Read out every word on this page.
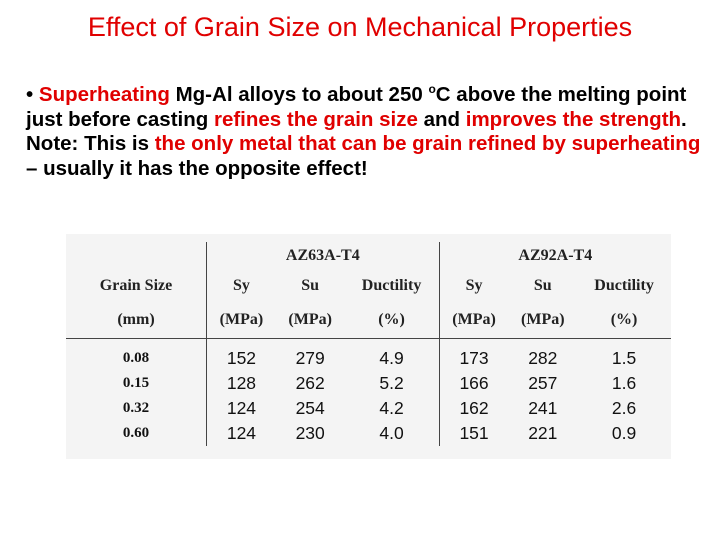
Effect of Grain Size on Mechanical Properties
• Superheating Mg-Al alloys to about 250 $^o$C above the melting point just before casting refines the grain size and improves the strength.
Note: This is the only metal that can be grain refined by superheating – usually it has the opposite effect!
	AZ63A-T4			AZ92A-T4		
Grain Size	Sy	Su	Ductility	Sy	Su	Ductility
(mm)	(MPa)	(MPa)	(%)	(MPa)	(MPa)	(%)

0.08	152	279	4.9	173	282	1.5
0.15	128	262	5.2	166	257	1.6
0.32	124	254	4.2	162	241	2.6
0.60	124	230	4.0	151	221	0.9
